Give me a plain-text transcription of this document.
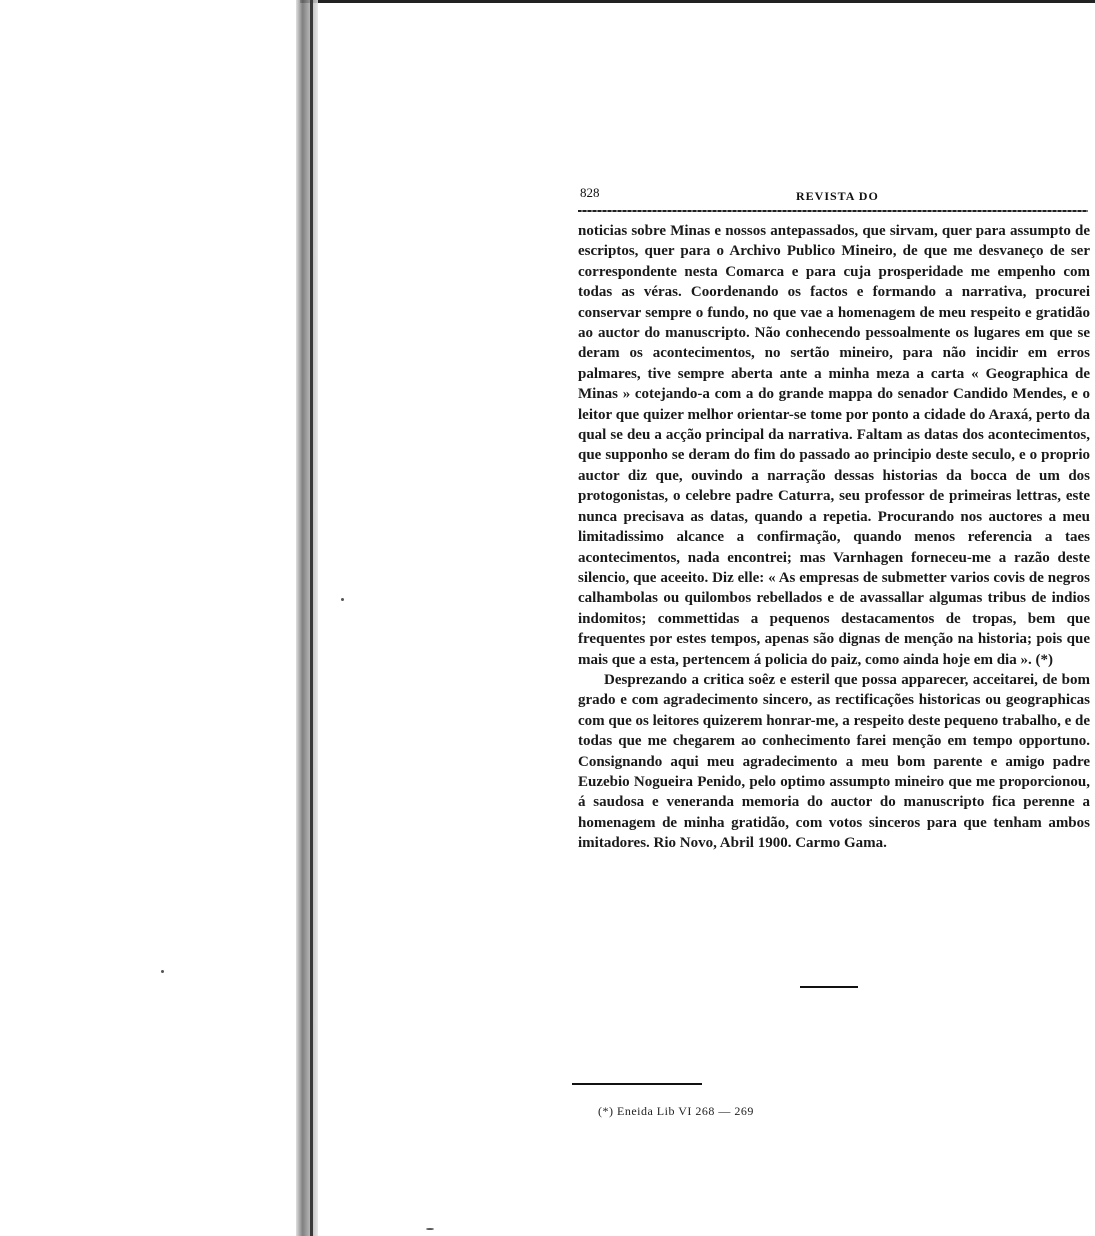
828	REVISTA DO

noticias sobre Minas e nossos antepassados, que sirvam, quer para assumpto de escriptos, quer para o Archivo Publico Mineiro, de que me desvaneço de ser correspondente nesta Comarca e para cuja prosperidade me empenho com todas as véras. Coordenando os factos e formando a narrativa, procurei conservar sempre o fundo, no que vae a homenagem de meu respeito e gratidão ao auctor do manuscripto. Não conhecendo pessoalmente os lugares em que se deram os acontecimentos, no sertão mineiro, para não incidir em erros palmares, tive sempre aberta ante a minha meza a carta « Geographica de Minas » cotejando-a com a do grande mappa do senador Candido Mendes, e o leitor que quizer melhor orientar-se tome por ponto a cidade do Araxá, perto da qual se deu a acção principal da narrativa. Faltam as datas dos acontecimentos, que supponho se deram do fim do passado ao principio deste seculo, e o proprio auctor diz que, ouvindo a narração dessas historias da bocca de um dos protogonistas, o celebre padre Caturra, seu professor de primeiras lettras, este nunca precisava as datas, quando a repetia. Procurando nos auctores a meu limitadissimo alcance a confirmação, quando menos referencia a taes acontecimentos, nada encontrei; mas Varnhagen forneceu-me a razão deste silencio, que aceeito. Diz elle: « As empresas de submetter varios covis de negros calhambolas ou quilombos rebellados e de avassallar algumas tribus de indios indomitos; commettidas a pequenos destacamentos de tropas, bem que frequentes por estes tempos, apenas são dignas de menção na historia; pois que mais que a esta, pertencem á policia do paiz, como ainda hoje em dia ». (*)

Desprezando a critica soêz e esteril que possa apparecer, acceitarei, de bom grado e com agradecimento sincero, as rectificações historicas ou geographicas com que os leitores quizerem honrar-me, a respeito deste pequeno trabalho, e de todas que me chegarem ao conhecimento farei menção em tempo opportuno. Consignando aqui meu agradecimento a meu bom parente e amigo padre Euzebio Nogueira Penido, pelo optimo assumpto mineiro que me proporcionou, á saudosa e veneranda memoria do auctor do manuscripto fica perenne a homenagem de minha gratidão, com votos sinceros para que tenham ambos imitadores. Rio Novo, Abril 1900. Carmo Gama.

(*) Eneida Lib VI 268 — 269
